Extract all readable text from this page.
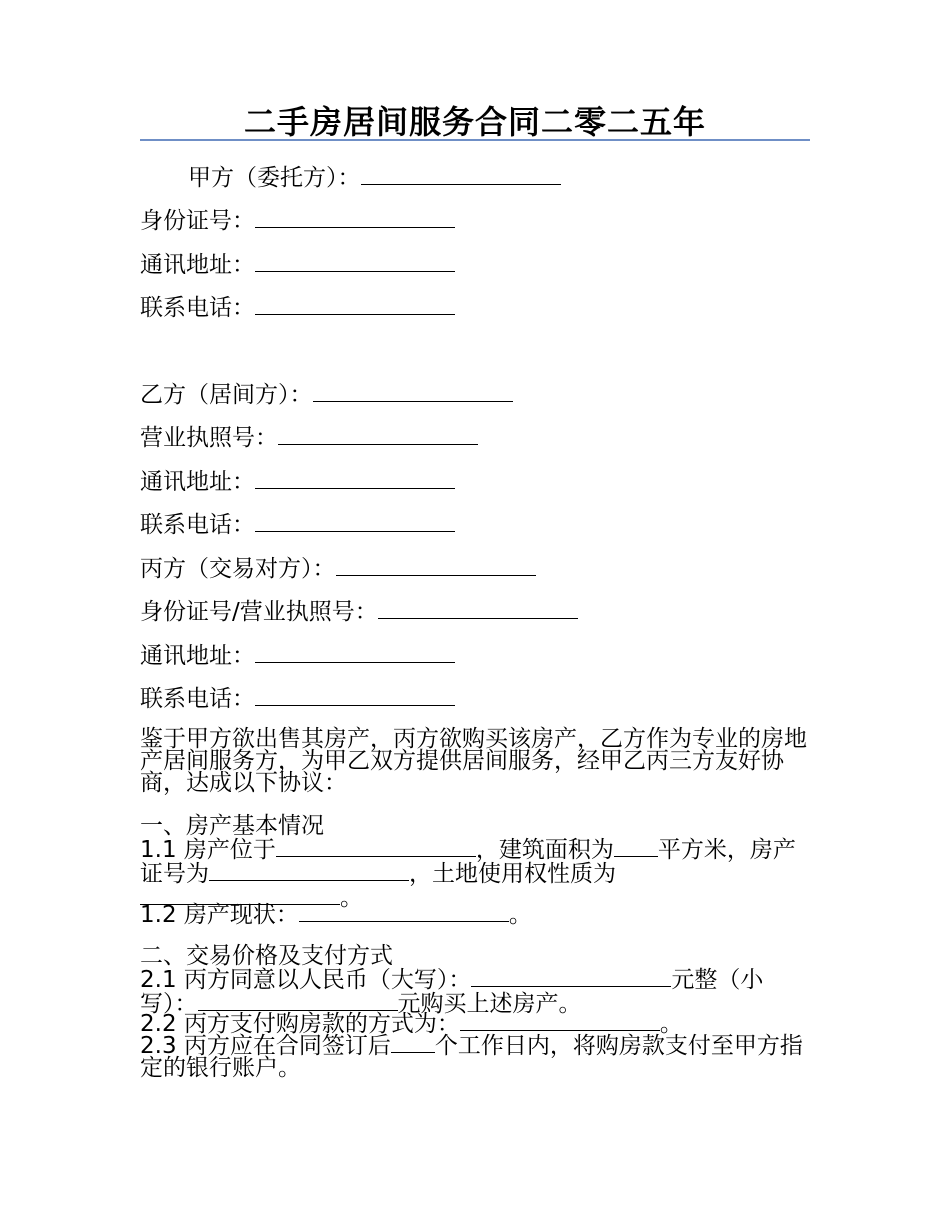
二手房居间服务合同二零二五年
甲方（委托方）：
身份证号：
通讯地址：
联系电话：
乙方（居间方）：
营业执照号：
通讯地址：
联系电话：
丙方（交易对方）：
身份证号/营业执照号：
通讯地址：
联系电话：
鉴于甲方欲出售其房产，丙方欲购买该房产，乙方作为专业的房地产居间服务方，为甲乙双方提供居间服务，经甲乙丙三方友好协商，达成以下协议：
一、房产基本情况
1.1 房产位于	，建筑面积为 平方米，房产证号为	，土地使用权性质为。
1.2 房产现状：	。
二、交易价格及支付方式
2.1 丙方同意以人民币（大写）：	元整（小写）：	元购买上述房产。
2.2 丙方支付购房款的方式为：	。
2.3 丙方应在合同签订后 个工作日内，将购房款支付至甲方指定的银行账户。
